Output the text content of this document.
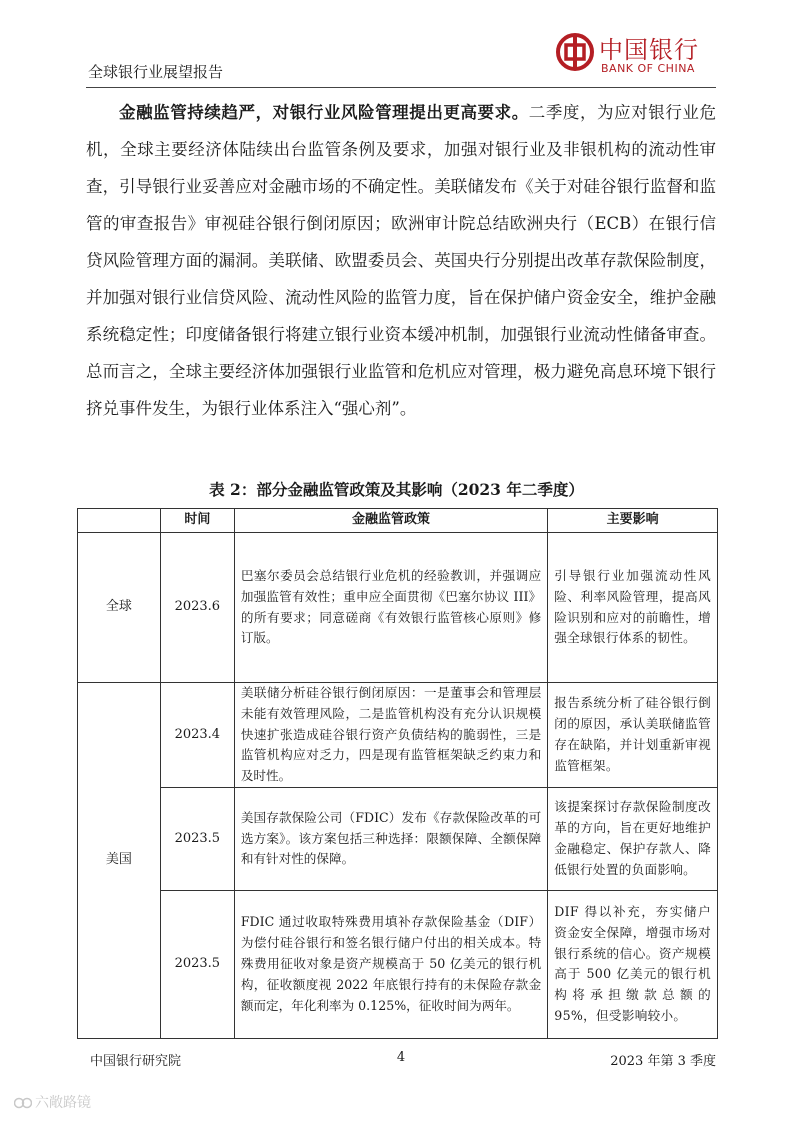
全球银行业展望报告
中国银行
BANK OF CHINA

金融监管持续趋严，对银行业风险管理提出更高要求。二季度，为应对银行业危机，全球主要经济体陆续出台监管条例及要求，加强对银行业及非银机构的流动性审查，引导银行业妥善应对金融市场的不确定性。美联储发布《关于对硅谷银行监督和监管的审查报告》审视硅谷银行倒闭原因；欧洲审计院总结欧洲央行（ECB）在银行信贷风险管理方面的漏洞。美联储、欧盟委员会、英国央行分别提出改革存款保险制度，并加强对银行业信贷风险、流动性风险的监管力度，旨在保护储户资金安全，维护金融系统稳定性；印度储备银行将建立银行业资本缓冲机制，加强银行业流动性储备审查。总而言之，全球主要经济体加强银行业监管和危机应对管理，极力避免高息环境下银行挤兑事件发生，为银行业体系注入“强心剂”。

表 2：部分金融监管政策及其影响（2023 年二季度）
	时间	金融监管政策	主要影响
全球	2023.6	巴塞尔委员会总结银行业危机的经验教训，并强调应加强监管有效性；重申应全面贯彻《巴塞尔协议 III》的所有要求；同意磋商《有效银行监管核心原则》修订版。	引导银行业加强流动性风险、利率风险管理，提高风险识别和应对的前瞻性，增强全球银行体系的韧性。
美国	2023.4	美联储分析硅谷银行倒闭原因：一是董事会和管理层未能有效管理风险，二是监管机构没有充分认识规模快速扩张造成硅谷银行资产负债结构的脆弱性，三是监管机构应对乏力，四是现有监管框架缺乏约束力和及时性。	报告系统分析了硅谷银行倒闭的原因，承认美联储监管存在缺陷，并计划重新审视监管框架。
	2023.5	美国存款保险公司（FDIC）发布《存款保险改革的可选方案》。该方案包括三种选择：限额保障、全额保障和有针对性的保障。	该提案探讨存款保险制度改革的方向，旨在更好地维护金融稳定、保护存款人、降低银行处置的负面影响。
	2023.5	FDIC 通过收取特殊费用填补存款保险基金（DIF）为偿付硅谷银行和签名银行储户付出的相关成本。特殊费用征收对象是资产规模高于 50 亿美元的银行机构，征收额度视 2022 年底银行持有的未保险存款金额而定，年化利率为 0.125%，征收时间为两年。	DIF 得以补充，夯实储户资金安全保障，增强市场对银行系统的信心。资产规模高于 500 亿美元的银行机构将承担缴款总额的 95%，但受影响较小。
中国银行研究院	4	2023 年第 3 季度
六敞路镜
